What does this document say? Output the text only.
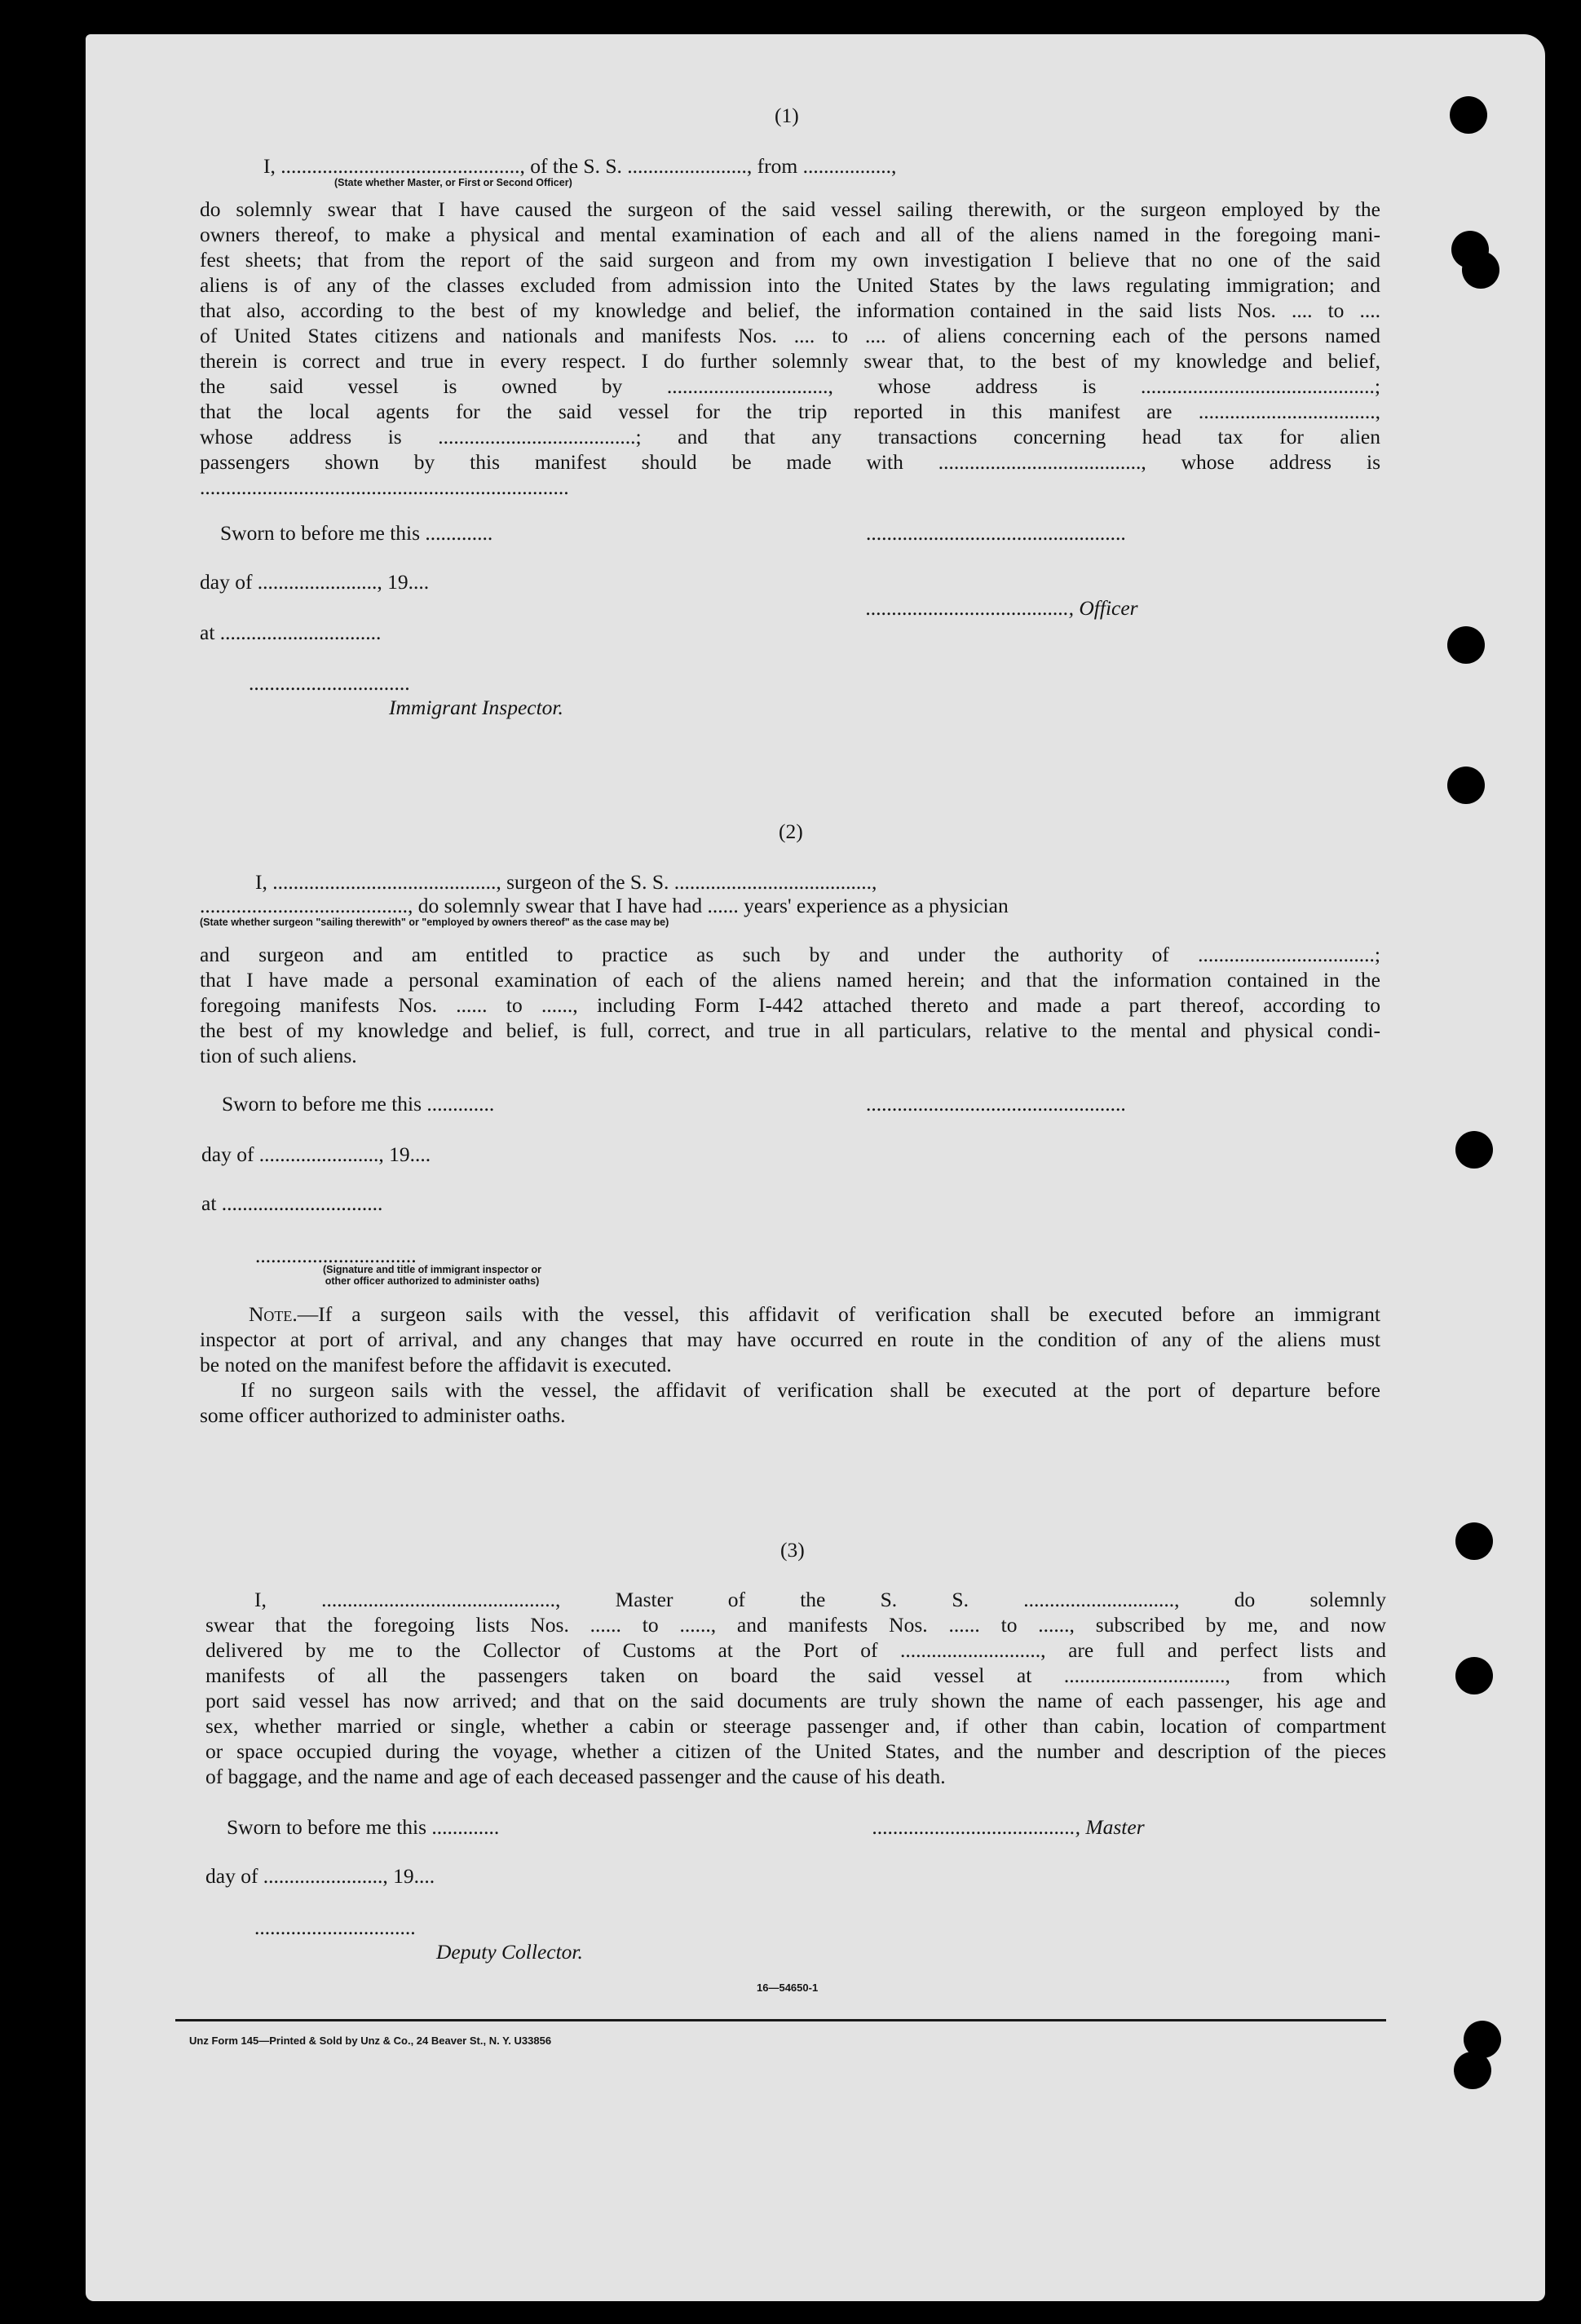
(1)
I, .............................................., of the S. S. ......................., from .................,
(State whether Master, or First or Second Officer)
do solemnly swear that I have caused the surgeon of the said vessel sailing therewith, or the surgeon employed by the
owners thereof, to make a physical and mental examination of each and all of the aliens named in the foregoing mani-
fest sheets; that from the report of the said surgeon and from my own investigation I believe that no one of the said
aliens is of any of the classes excluded from admission into the United States by the laws regulating immigration; and
that also, according to the best of my knowledge and belief, the information contained in the said lists Nos. .... to ....
of United States citizens and nationals and manifests Nos. .... to .... of aliens concerning each of the persons named
therein is correct and true in every respect. I do further solemnly swear that, to the best of my knowledge and belief,
the said vessel is owned by ..............................., whose address is .............................................;
that the local agents for the said vessel for the trip reported in this manifest are ..................................,
whose address is ......................................; and that any transactions concerning head tax for alien
passengers shown by this manifest should be made with ......................................., whose address is
.......................................................................
Sworn to before me this .............	..................................................
day of ......................., 19....
......................................., Officer
at ...............................
...............................
Immigrant Inspector.
(2)
I, ..........................................., surgeon of the S. S. ......................................,
........................................, do solemnly swear that I have had ...... years' experience as a physician
(State whether surgeon "sailing therewith" or "employed by owners thereof" as the case may be)
and surgeon and am entitled to practice as such by and under the authority of ..................................;
that I have made a personal examination of each of the aliens named herein; and that the information contained in the
foregoing manifests Nos. ...... to ......, including Form I-442 attached thereto and made a part thereof, according to
the best of my knowledge and belief, is full, correct, and true in all particulars, relative to the mental and physical condi-
tion of such aliens.
Sworn to before me this .............	..................................................
day of ......................., 19....
at ...............................
...............................
(Signature and title of immigrant inspector or
other officer authorized to administer oaths)
Note.—If a surgeon sails with the vessel, this affidavit of verification shall be executed before an immigrant
inspector at port of arrival, and any changes that may have occurred en route in the condition of any of the aliens must
be noted on the manifest before the affidavit is executed.
If no surgeon sails with the vessel, the affidavit of verification shall be executed at the port of departure before
some officer authorized to administer oaths.
(3)
I, ............................................., Master of the S. S. ............................., do solemnly
swear that the foregoing lists Nos. ...... to ......, and manifests Nos. ...... to ......, subscribed by me, and now
delivered by me to the Collector of Customs at the Port of ..........................., are full and perfect lists and
manifests of all the passengers taken on board the said vessel at ..............................., from which
port said vessel has now arrived; and that on the said documents are truly shown the name of each passenger, his age and
sex, whether married or single, whether a cabin or steerage passenger and, if other than cabin, location of compartment
or space occupied during the voyage, whether a citizen of the United States, and the number and description of the pieces
of baggage, and the name and age of each deceased passenger and the cause of his death.
Sworn to before me this .............	......................................., Master
day of ......................., 19....
...............................
Deputy Collector.
16—54650-1
Unz Form 145—Printed & Sold by Unz & Co., 24 Beaver St., N. Y. U33856
